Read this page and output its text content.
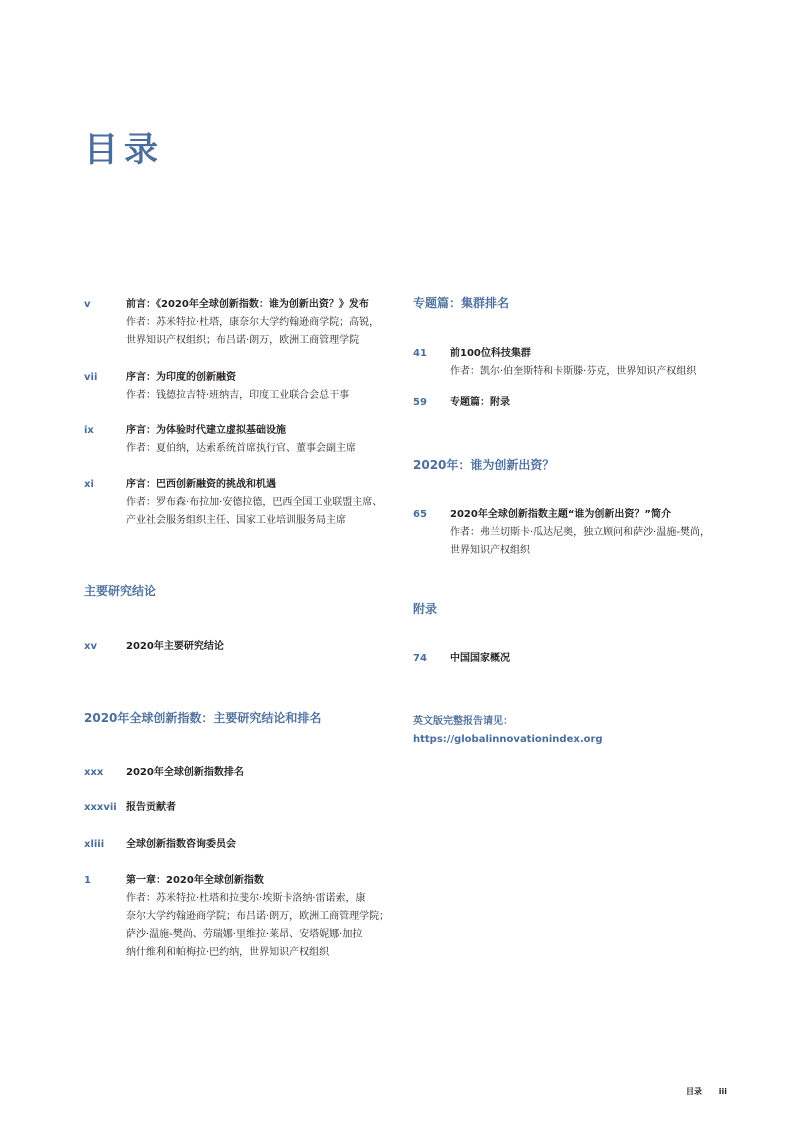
目录
v	前言：《2020年全球创新指数：谁为创新出资？》发布
作者：苏米特拉·杜塔，康奈尔大学约翰逊商学院；高锐，
世界知识产权组织；布吕诺·朗万，欧洲工商管理学院
vii	序言：为印度的创新融资
作者：钱德拉吉特·班纳吉，印度工业联合会总干事
ix	序言：为体验时代建立虚拟基础设施
作者：夏伯纳，达索系统首席执行官、董事会副主席
xi	序言：巴西创新融资的挑战和机遇
作者：罗布森·布拉加·安德拉德，巴西全国工业联盟主席、
产业社会服务组织主任、国家工业培训服务局主席
主要研究结论
xv	2020年主要研究结论
2020年全球创新指数：主要研究结论和排名
xxx	2020年全球创新指数排名
xxxvii 报告贡献者
xliii	全球创新指数咨询委员会
1	第一章：2020年全球创新指数
作者：苏米特拉·杜塔和拉斐尔·埃斯卡洛纳·雷诺索，康
奈尔大学约翰逊商学院；布吕诺·朗万，欧洲工商管理学院；
萨沙·温施-樊尚、劳瑞娜·里维拉·莱昂、安塔妮娜·加拉
纳什维利和帕梅拉·巴约纳，世界知识产权组织
专题篇：集群排名
41	前100位科技集群
作者：凯尔·伯奎斯特和卡斯滕·芬克，世界知识产权组织
59	专题篇：附录
2020年：谁为创新出资？
65	2020年全球创新指数主题“谁为创新出资？”简介
作者：弗兰切斯卡·瓜达尼奥，独立顾问和萨沙·温施-樊尚，
世界知识产权组织
附录
74	中国国家概况
英文版完整报告请见：
https://globalinnovationindex.org
目录 iii
